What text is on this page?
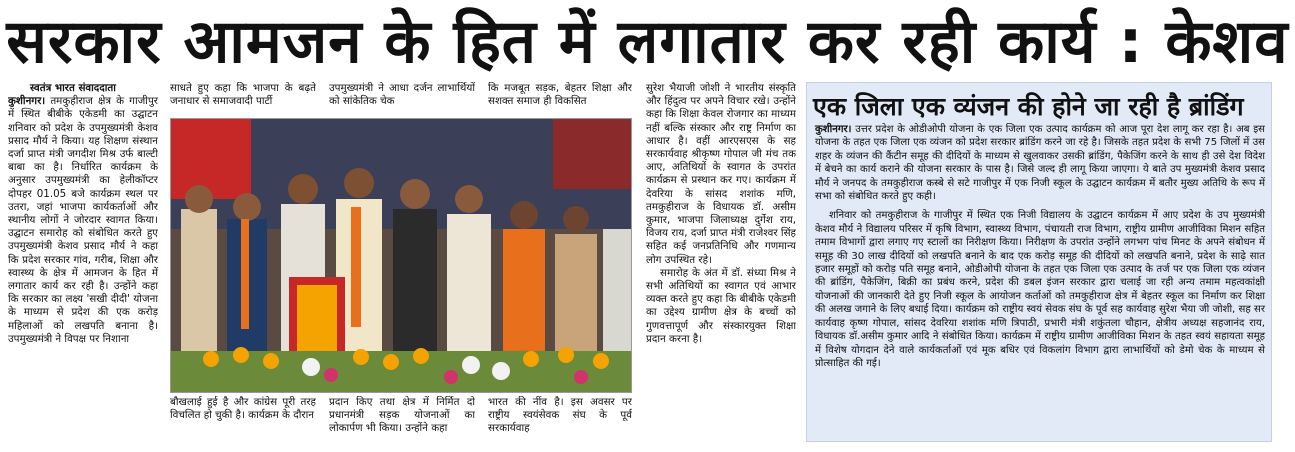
सरकार आमजन के हित में लगातार कर रही कार्य : केशव
स्वतंत्र भारत संवाददाता

कुशीनगर। तमकुहीराज क्षेत्र के गाजीपुर में स्थित बीबीके एकेडमी का उद्घाटन शनिवार को प्रदेश के उपमुख्यमंत्री केशव प्रसाद मौर्य ने किया। यह शिक्षण संस्थान दर्जा प्राप्त मंत्री जगदीश मिश्र उर्फ बाल्टी बाबा का है। निर्धारित कार्यक्रम के अनुसार उपमुख्यमंत्री का हेलीकॉप्टर दोपहर 01.05 बजे कार्यक्रम स्थल पर उतरा, जहां भाजपा कार्यकर्ताओं और स्थानीय लोगों ने जोरदार स्वागत किया। उद्घाटन समारोह को संबोधित करते हुए उपमुख्यमंत्री केशव प्रसाद मौर्य ने कहा कि प्रदेश सरकार गांव, गरीब, शिक्षा और स्वास्थ्य के क्षेत्र में आमजन के हित में लगातार कार्य कर रही है। उन्होंने कहा कि सरकार का लक्ष्य 'सखी दीदी' योजना के माध्यम से प्रदेश की एक करोड़ महिलाओं को लखपति बनाना है। उपमुख्यमंत्री ने विपक्ष पर निशाना

साधते हुए कहा कि भाजपा के बढ़ते जनाधार से समाजवादी पार्टी

उपमुख्यमंत्री ने आधा दर्जन लाभार्थियों को सांकेतिक चेक

कि मजबूत सड़क, बेहतर शिक्षा और सशक्त समाज ही विकसित

बौखलाई हुई है और कांग्रेस पूरी तरह विचलित हो चुकी है। कार्यक्रम के दौरान

प्रदान किए तथा क्षेत्र में निर्मित दो प्रधानमंत्री सड़क योजनाओं का लोकार्पण भी किया। उन्होंने कहा

भारत की नींव है। इस अवसर पर राष्ट्रीय स्वयंसेवक संघ के पूर्व सरकार्यवाह

सुरेश भैयाजी जोशी ने भारतीय संस्कृति और हिंदुत्व पर अपने विचार रखे। उन्होंने कहा कि शिक्षा केवल रोजगार का माध्यम नहीं बल्कि संस्कार और राष्ट्र निर्माण का आधार है। वहीं आरएसएस के सह सरकार्यवाह श्रीकृष्ण गोपाल जी मंच तक आए, अतिथियों के स्वागत के उपरांत कार्यक्रम से प्रस्थान कर गए। कार्यक्रम में देवरिया के सांसद शशांक मणि, तमकुहीराज के विधायक डॉ. असीम कुमार, भाजपा जिलाध्यक्ष दुर्गेश राय, विजय राय, दर्जा प्राप्त मंत्री राजेश्वर सिंह सहित कई जनप्रतिनिधि और गणमान्य लोग उपस्थित रहे।

समारोह के अंत में डॉ. संध्या मिश्र ने सभी अतिथियों का स्वागत एवं आभार व्यक्त करते हुए कहा कि बीबीके एकेडमी का उद्देश्य ग्रामीण क्षेत्र के बच्चों को गुणवत्तापूर्ण और संस्कारयुक्त शिक्षा प्रदान करना है।

एक जिला एक व्यंजन की होने जा रही है ब्रांडिंग

कुशीनगर। उत्तर प्रदेश के ओडीओपी योजना के एक जिला एक उत्पाद कार्यक्रम को आज पूरा देश लागू कर रहा है। अब इस योजना के तहत एक जिला एक व्यंजन को प्रदेश सरकार ब्रांडिंग करने जा रहे है। जिसके तहत प्रदेश के सभी 75 जिलों में उस शहर के व्यंजन की कैंटीन समूह की दीदियों के माध्यम से खुलवाकर उसकी ब्रांडिंग, पैकेजिंग करने के साथ ही उसे देश विदेश में बेचने का कार्य कराने की योजना सरकार के पास है। जिसे जल्द ही लागू किया जाएगा। ये बाते उप मुख्यमंत्री केशव प्रसाद मौर्य ने जनपद के तमकुहीराज कस्बे से सटे गाजीपुर में एक निजी स्कूल के उद्घाटन कार्यक्रम में बतौर मुख्य अतिथि के रूप में सभा को संबोधित करते हुए कही।

शनिवार को तमकुहीराज के गाजीपुर में स्थित एक निजी विद्यालय के उद्घाटन कार्यक्रम में आए प्रदेश के उप मुख्यमंत्री केशव मौर्य ने विद्यालय परिसर में कृषि विभाग, स्वास्थ्य विभाग, पंचायती राज विभाग, राष्ट्रीय ग्रामीण आजीविका मिशन सहित तमाम विभागों द्वारा लगाए गए स्टालों का निरीक्षण किया। निरीक्षण के उपरांत उन्होंने लगभग पांच मिनट के अपने संबोधन में समूह की 30 लाख दीदियों को लखपति बनाने के बाद एक करोड़ समूह की दीदियों को लखपति बनाने, प्रदेश के साढ़े सात हजार समूहों को करोड़ पति समूह बनाने, ओडीओपी योजना के तहत एक जिला एक उत्पाद के तर्ज पर एक जिला एक व्यंजन की ब्रांडिंग, पैकेजिंग, बिक्री का प्रबंध करने, प्रदेश की डबल इंजन सरकार द्वारा चलाई जा रही अन्य तमाम महत्वकांक्षी योजनाओं की जानकारी देते हुए निजी स्कूल के आयोजन कर्ताओं को तमकुहीराज क्षेत्र में बेहतर स्कूल का निर्माण कर शिक्षा की अलख जगाने के लिए बधाई दिया। कार्यक्रम को राष्ट्रीय स्वयं सेवक संघ के पूर्व सह कार्यवाह सुरेश भैया जी जोशी, सह सर कार्यवाह कृष्ण गोपाल, सांसद देवरिया शशांक मणि त्रिपाठी, प्रभारी मंत्री शकुंतला चौहान, क्षेत्रीय अध्यक्ष सहजानंद राय, विधायक डॉ.असीम कुमार आदि ने संबोधित किया। कार्यक्रम में राष्ट्रीय ग्रामीण आजीविका मिशन के तहत स्वयं सहायता समूह में विशेष योगदान देने वाले कार्यकर्ताओं एवं मूक बधिर एवं विकलांग विभाग द्वारा लाभार्थियों को डेमो चेक के माध्यम से प्रोत्साहित की गई।
